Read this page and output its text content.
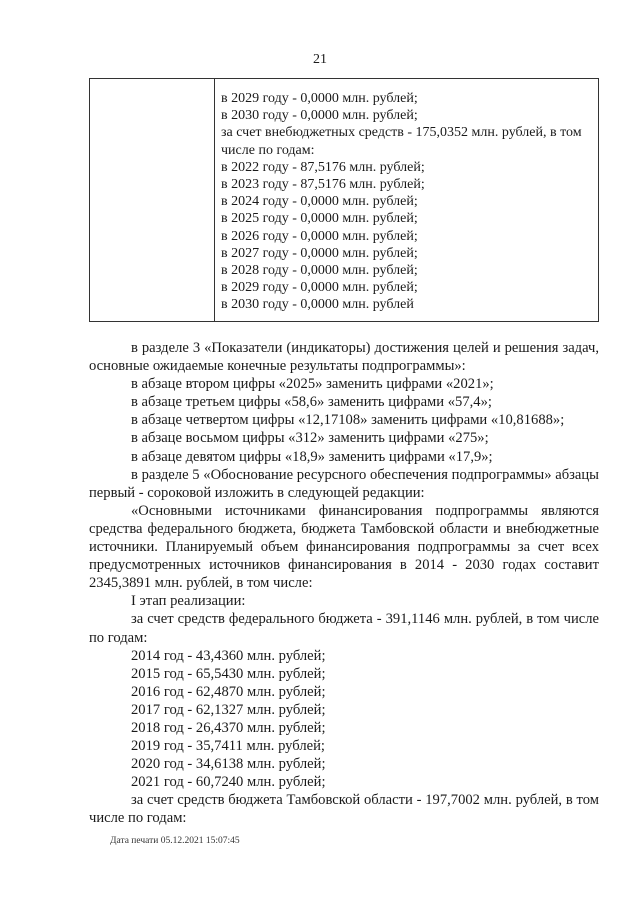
21
в 2029 году - 0,0000 млн. рублей;
в 2030 году - 0,0000 млн. рублей;
за счет внебюджетных средств - 175,0352 млн. рублей, в том числе по годам:
в 2022 году - 87,5176 млн. рублей;
в 2023 году - 87,5176 млн. рублей;
в 2024 году - 0,0000 млн. рублей;
в 2025 году - 0,0000 млн. рублей;
в 2026 году - 0,0000 млн. рублей;
в 2027 году - 0,0000 млн. рублей;
в 2028 году - 0,0000 млн. рублей;
в 2029 году - 0,0000 млн. рублей;
в 2030 году - 0,0000 млн. рублей

в разделе 3 «Показатели (индикаторы) достижения целей и решения задач, основные ожидаемые конечные результаты подпрограммы»:

в абзаце втором цифры «2025» заменить цифрами «2021»;

в абзаце третьем цифры «58,6» заменить цифрами «57,4»;

в абзаце четвертом цифры «12,17108» заменить цифрами «10,81688»;

в абзаце восьмом цифры «312» заменить цифрами «275»;

в абзаце девятом цифры «18,9» заменить цифрами «17,9»;

в разделе 5 «Обоснование ресурсного обеспечения подпрограммы» абзацы первый - сороковой изложить в следующей редакции:

«Основными источниками финансирования подпрограммы являются средства федерального бюджета, бюджета Тамбовской области и внебюджетные источники. Планируемый объем финансирования подпрограммы за счет всех предусмотренных источников финансирования в 2014 - 2030 годах составит 2345,3891 млн. рублей, в том числе:

I этап реализации:

за счет средств федерального бюджета - 391,1146 млн. рублей, в том числе по годам:

2014 год - 43,4360 млн. рублей;

2015 год - 65,5430 млн. рублей;

2016 год - 62,4870 млн. рублей;

2017 год - 62,1327 млн. рублей;

2018 год - 26,4370 млн. рублей;

2019 год - 35,7411 млн. рублей;

2020 год - 34,6138 млн. рублей;

2021 год - 60,7240 млн. рублей;

за счет средств бюджета Тамбовской области - 197,7002 млн. рублей, в том числе по годам:

Дата печати 05.12.2021 15:07:45
